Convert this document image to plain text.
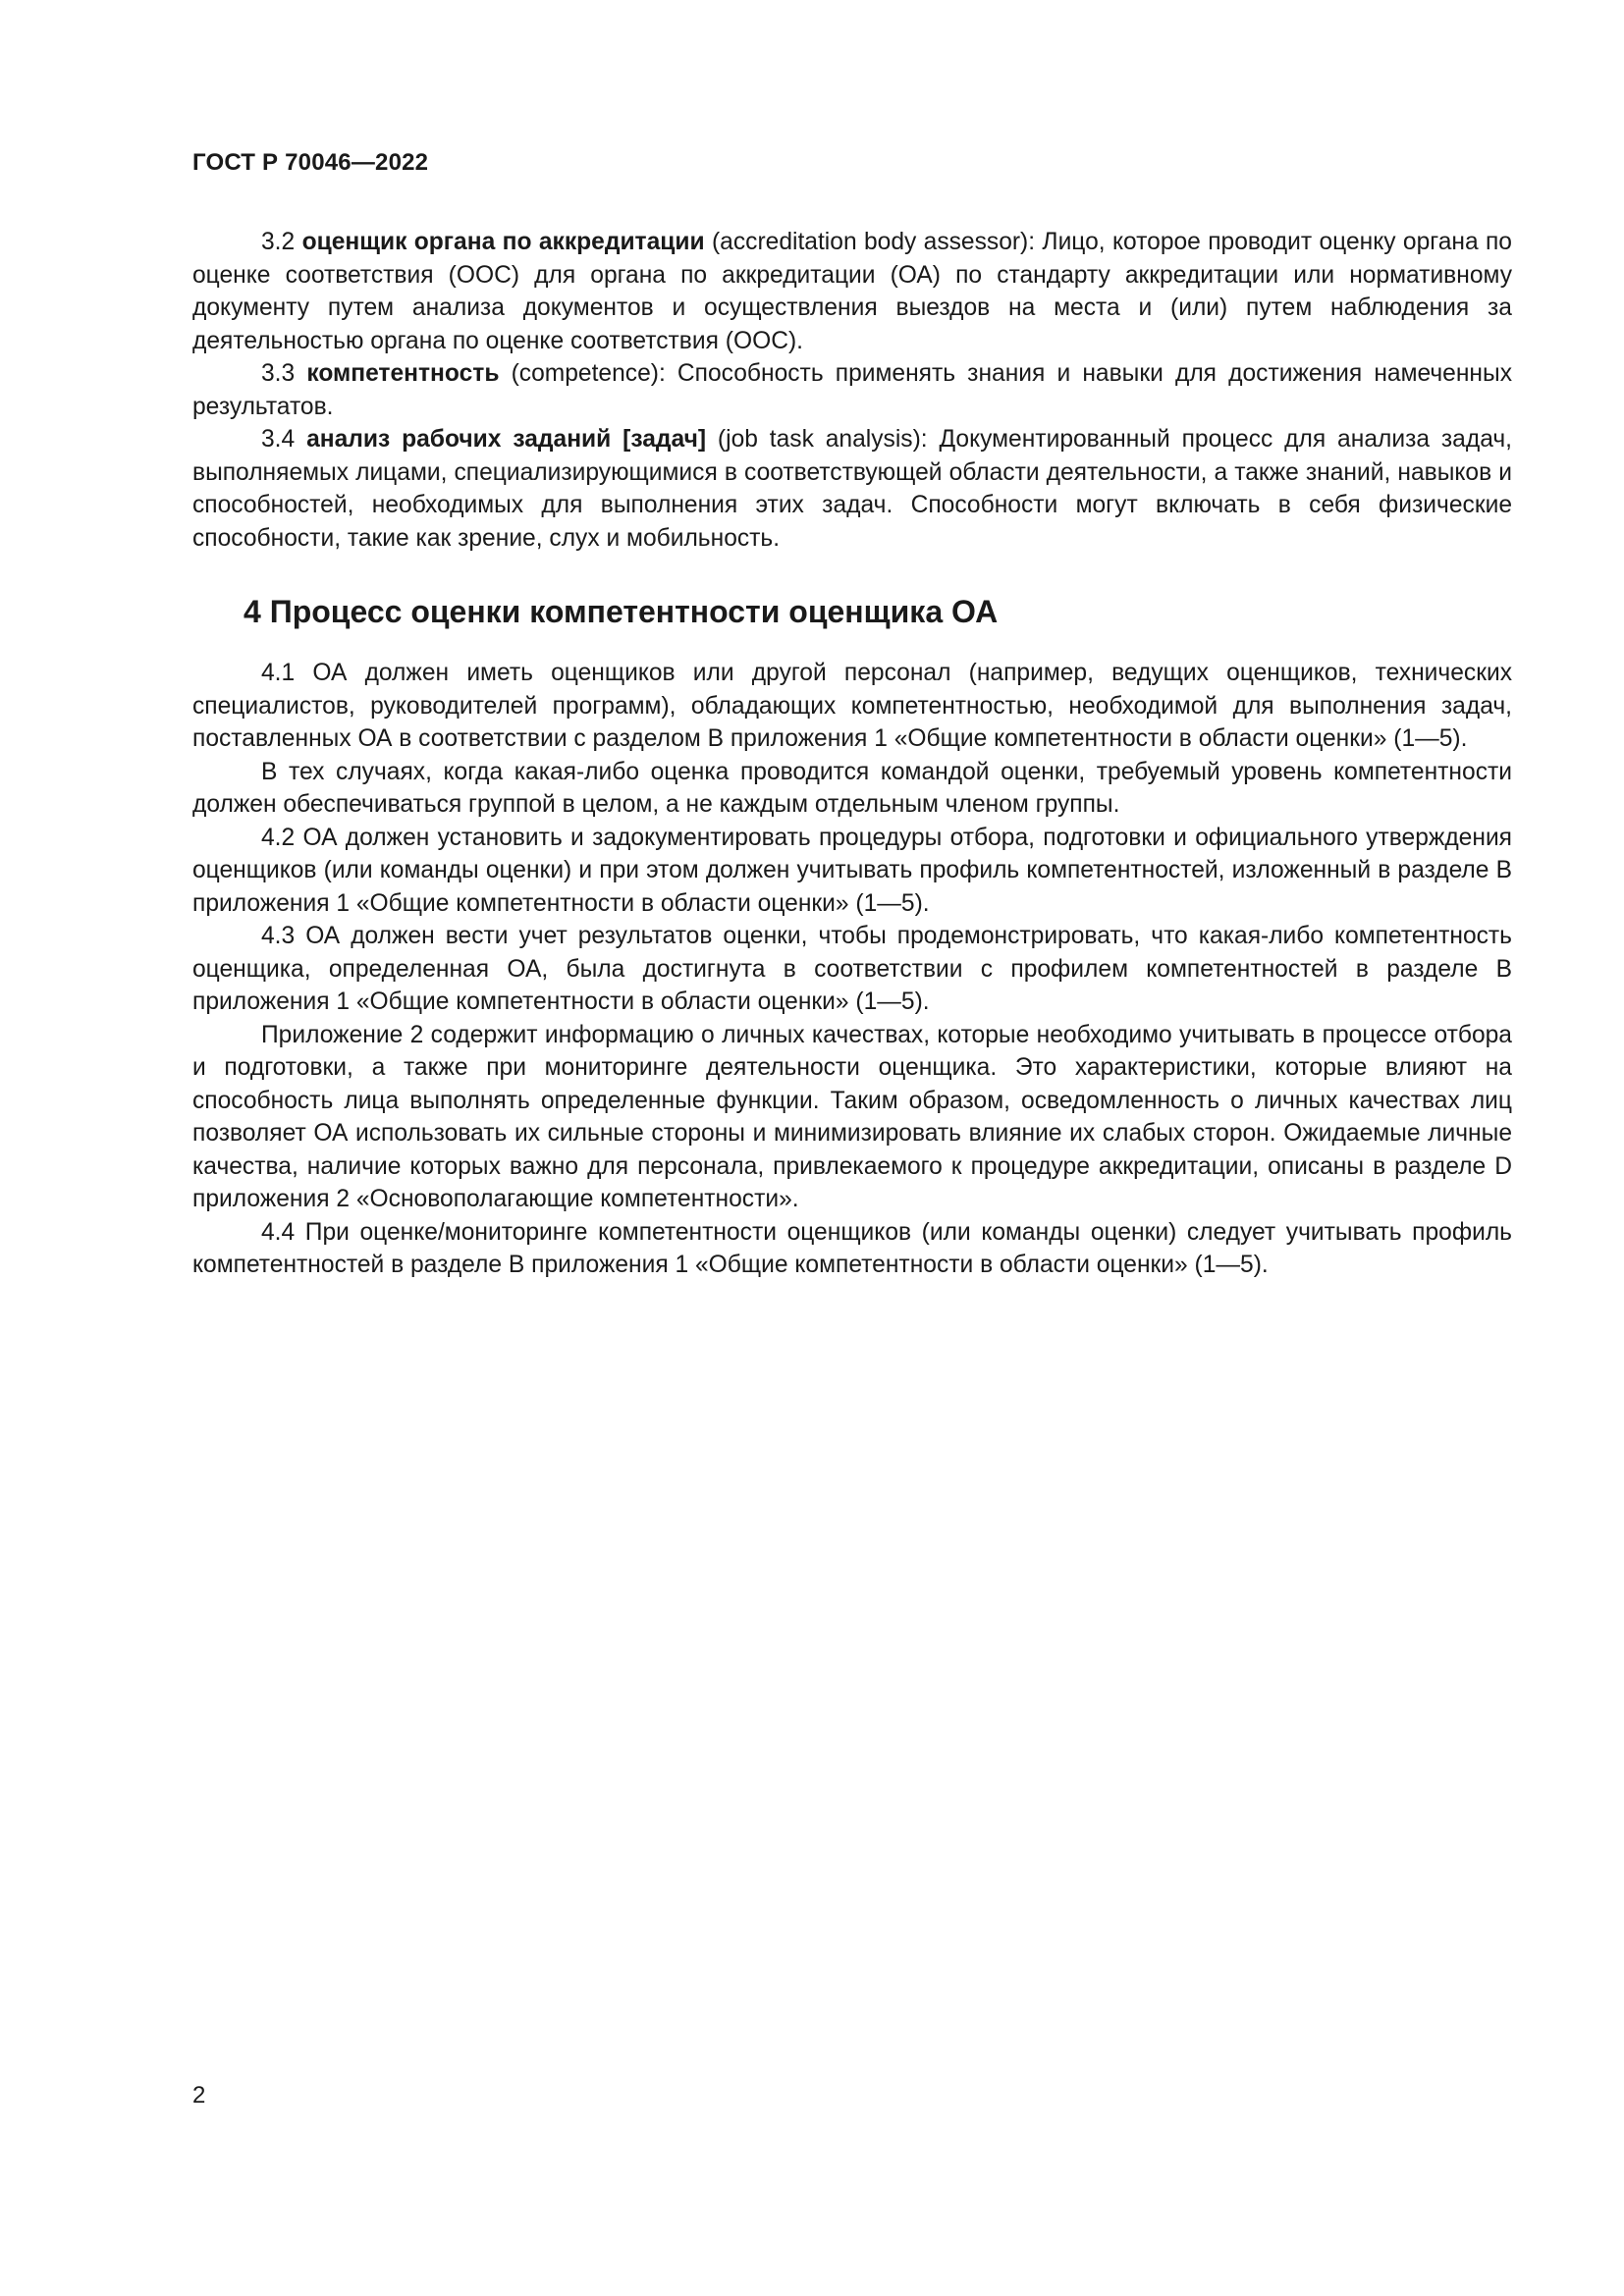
ГОСТ Р 70046—2022

3.2 оценщик органа по аккредитации (accreditation body assessor): Лицо, которое проводит оценку органа по оценке соответствия (ООС) для органа по аккредитации (ОА) по стандарту аккредитации или нормативному документу путем анализа документов и осуществления выездов на места и (или) путем наблюдения за деятельностью органа по оценке соответствия (ООС).

3.3 компетентность (competence): Способность применять знания и навыки для достижения намеченных результатов.

3.4 анализ рабочих заданий [задач] (job task analysis): Документированный процесс для анализа задач, выполняемых лицами, специализирующимися в соответствующей области деятельности, а также знаний, навыков и способностей, необходимых для выполнения этих задач. Способности могут включать в себя физические способности, такие как зрение, слух и мобильность.

4 Процесс оценки компетентности оценщика ОА

4.1 ОА должен иметь оценщиков или другой персонал (например, ведущих оценщиков, технических специалистов, руководителей программ), обладающих компетентностью, необходимой для выполнения задач, поставленных ОА в соответствии с разделом B приложения 1 «Общие компетентности в области оценки» (1—5).

В тех случаях, когда какая-либо оценка проводится командой оценки, требуемый уровень компетентности должен обеспечиваться группой в целом, а не каждым отдельным членом группы.

4.2 ОА должен установить и задокументировать процедуры отбора, подготовки и официального утверждения оценщиков (или команды оценки) и при этом должен учитывать профиль компетентностей, изложенный в разделе B приложения 1 «Общие компетентности в области оценки» (1—5).

4.3 ОА должен вести учет результатов оценки, чтобы продемонстрировать, что какая-либо компетентность оценщика, определенная ОА, была достигнута в соответствии с профилем компетентностей в разделе B приложения 1 «Общие компетентности в области оценки» (1—5).

Приложение 2 содержит информацию о личных качествах, которые необходимо учитывать в процессе отбора и подготовки, а также при мониторинге деятельности оценщика. Это характеристики, которые влияют на способность лица выполнять определенные функции. Таким образом, осведомленность о личных качествах лиц позволяет ОА использовать их сильные стороны и минимизировать влияние их слабых сторон. Ожидаемые личные качества, наличие которых важно для персонала, привлекаемого к процедуре аккредитации, описаны в разделе D приложения 2 «Основополагающие компетентности».

4.4 При оценке/мониторинге компетентности оценщиков (или команды оценки) следует учитывать профиль компетентностей в разделе B приложения 1 «Общие компетентности в области оценки» (1—5).

2
